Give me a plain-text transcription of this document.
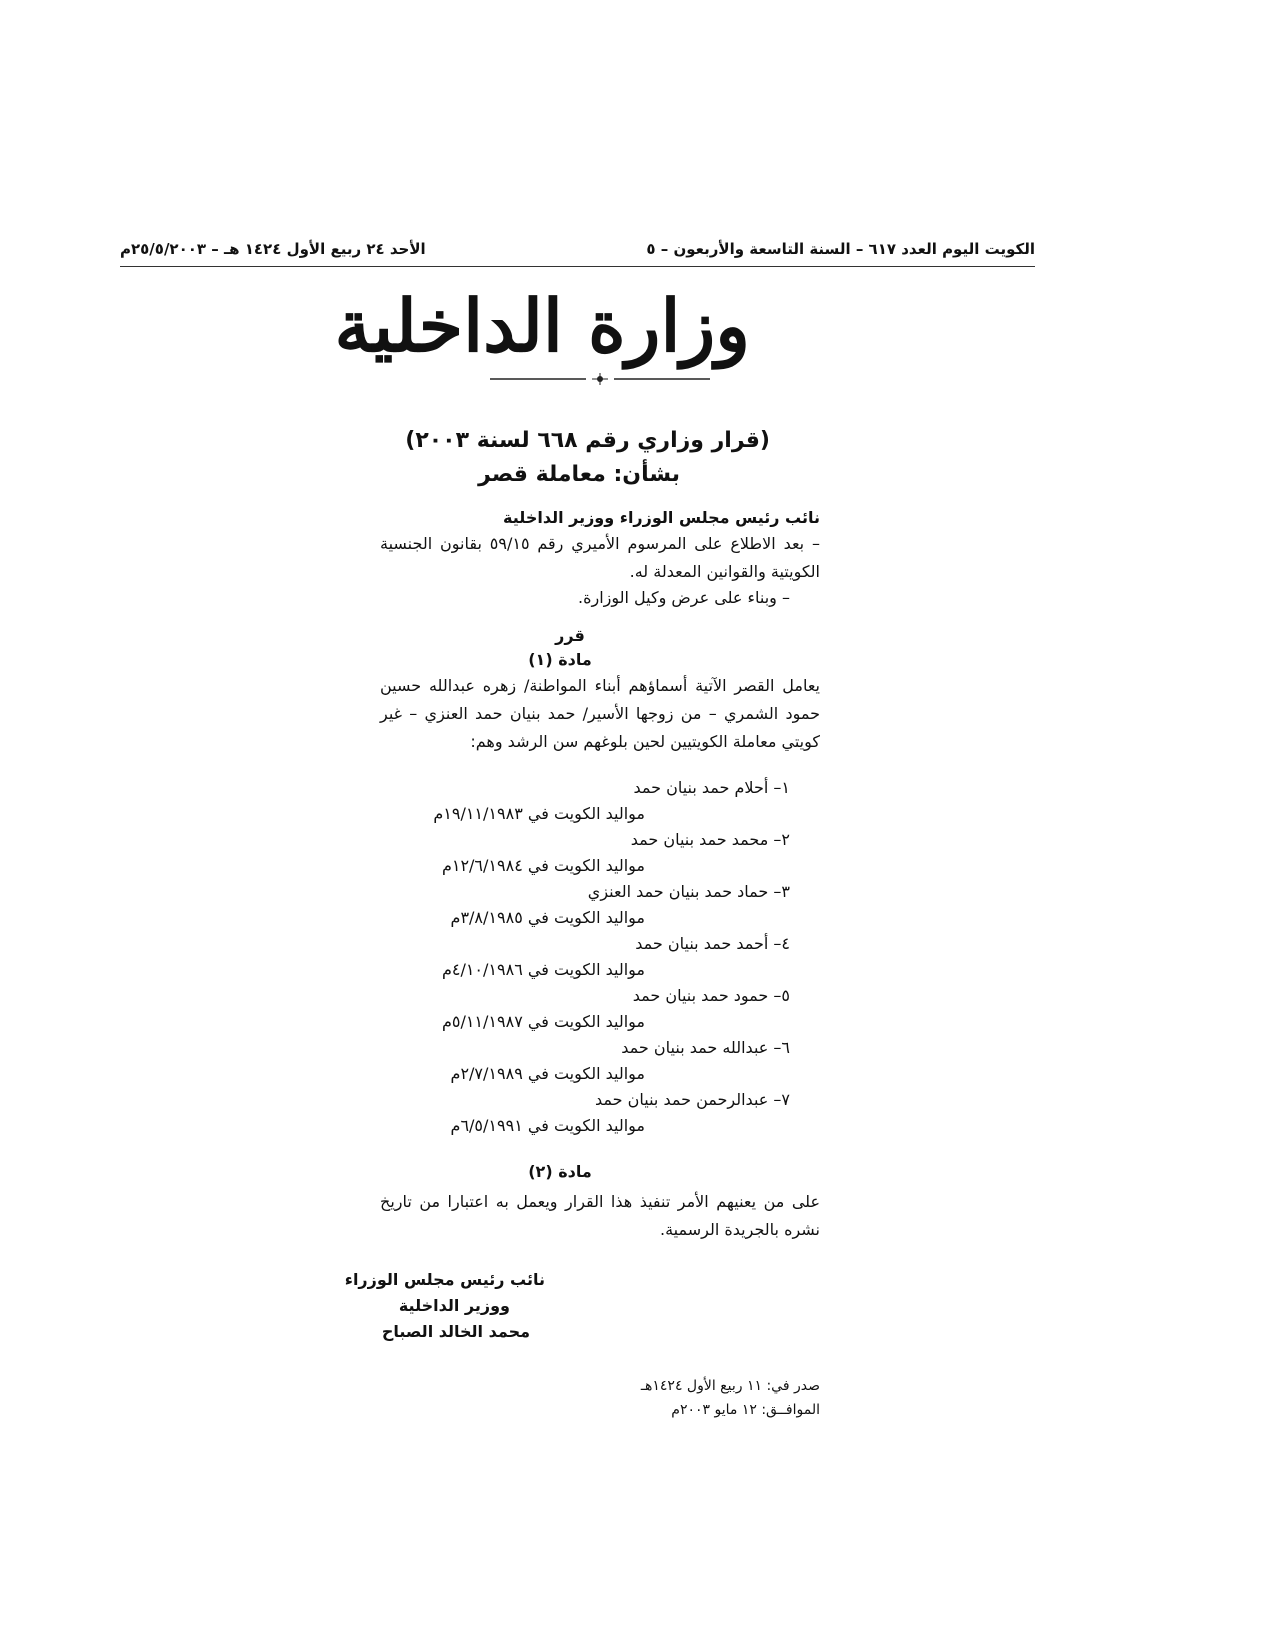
الكويت اليوم العدد ٦١٧ – السنة التاسعة والأربعون – ٥
الأحد ٢٤ ربيع الأول ١٤٢٤ هـ – ٢٥/٥/٢٠٠٣م
وزارة الداخلية
(قرار وزاري رقم ٦٦٨ لسنة ٢٠٠٣)
بشأن: معاملة قصر
نائب رئيس مجلس الوزراء ووزير الداخلية
– بعد الاطلاع على المرسوم الأميري رقم ٥٩/١٥ بقانون الجنسية الكويتية والقوانين المعدلة له.
– وبناء على عرض وكيل الوزارة.
قرر
مادة (١)
يعامل القصر الآتية أسماؤهم أبناء المواطنة/ زهره عبدالله حسين حمود الشمري – من زوجها الأسير/ حمد بنيان حمد العنزي – غير كويتي معاملة الكويتيين لحين بلوغهم سن الرشد وهم:
١– أحلام حمد بنيان حمد
مواليد الكويت في ١٩/١١/١٩٨٣م
٢– محمد حمد بنيان حمد
مواليد الكويت في ١٢/٦/١٩٨٤م
٣– حماد حمد بنيان حمد العنزي
مواليد الكويت في ٣/٨/١٩٨٥م
٤– أحمد حمد بنيان حمد
مواليد الكويت في ٤/١٠/١٩٨٦م
٥– حمود حمد بنيان حمد
مواليد الكويت في ٥/١١/١٩٨٧م
٦– عبدالله حمد بنيان حمد
مواليد الكويت في ٢/٧/١٩٨٩م
٧– عبدالرحمن حمد بنيان حمد
مواليد الكويت في ٦/٥/١٩٩١م
مادة (٢)
على من يعنيهم الأمر تنفيذ هذا القرار ويعمل به اعتبارا من تاريخ نشره بالجريدة الرسمية.
نائب رئيس مجلس الوزراء
ووزير الداخلية
محمد الخالد الصباح
صدر في: ١١ ربيع الأول ١٤٢٤هـ
الموافــق: ١٢ مايو ٢٠٠٣م
